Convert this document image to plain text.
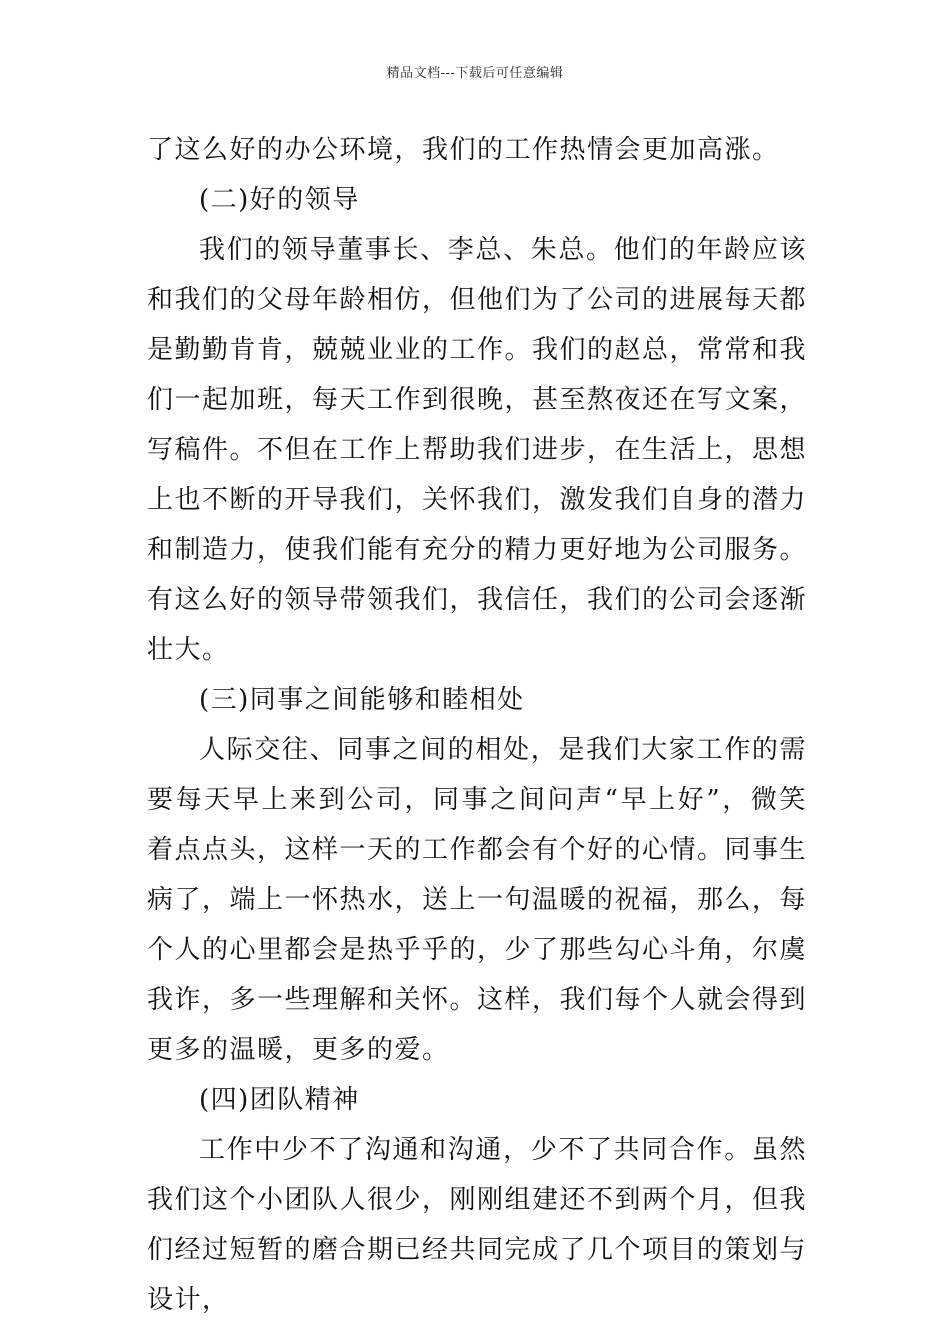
精品文档---下载后可任意编辑

了这么好的办公环境，我们的工作热情会更加高涨。

(二)好的领导

我们的领导董事长、李总、朱总。他们的年龄应该和我们的父母年龄相仿，但他们为了公司的进展每天都是勤勤肯肯，兢兢业业的工作。我们的赵总，常常和我们一起加班，每天工作到很晚，甚至熬夜还在写文案，写稿件。不但在工作上帮助我们进步，在生活上，思想上也不断的开导我们，关怀我们，激发我们自身的潜力和制造力，使我们能有充分的精力更好地为公司服务。有这么好的领导带领我们，我信任，我们的公司会逐渐壮大。

(三)同事之间能够和睦相处

人际交往、同事之间的相处，是我们大家工作的需要每天早上来到公司，同事之间问声“早上好”，微笑着点点头，这样一天的工作都会有个好的心情。同事生病了，端上一怀热水，送上一句温暖的祝福，那么，每个人的心里都会是热乎乎的，少了那些勾心斗角，尔虞我诈，多一些理解和关怀。这样，我们每个人就会得到更多的温暖，更多的爱。

(四)团队精神

工作中少不了沟通和沟通，少不了共同合作。虽然我们这个小团队人很少，刚刚组建还不到两个月，但我们经过短暂的磨合期已经共同完成了几个项目的策划与设计，
